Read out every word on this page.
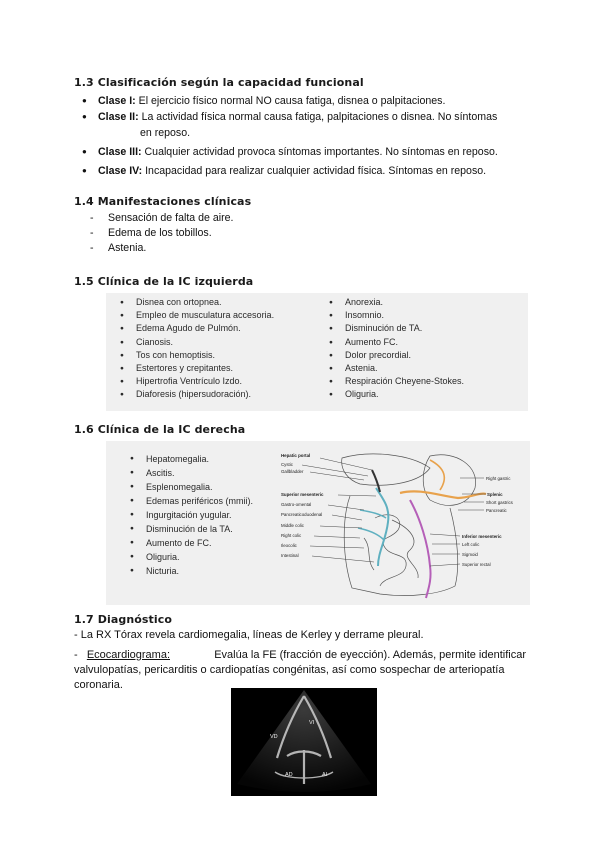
1.3 Clasificación según la capacidad funcional
● Clase I: El ejercicio físico normal NO causa fatiga, disnea o palpitaciones.
● Clase II: La actividad física normal causa fatiga, palpitaciones o disnea. No síntomas
en reposo.
● Clase III: Cualquier actividad provoca síntomas importantes. No síntomas en reposo.
● Clase IV: Incapacidad para realizar cualquier actividad física. Síntomas en reposo.
1.4 Manifestaciones clínicas
- Sensación de falta de aire.
- Edema de los tobillos.
- Astenia.
1.5 Clínica de la IC izquierda
● Disnea con ortopnea.
● Empleo de musculatura accesoria.
● Edema Agudo de Pulmón.
● Cianosis.
● Tos con hemoptisis.
● Estertores y crepitantes.
● Hipertrofia Ventrículo Izdo.
● Diaforesis (hipersudoración).
● Anorexia.
● Insomnio.
● Disminución de TA.
● Aumento FC.
● Dolor precordial.
● Astenia.
● Respiración Cheyene-Stokes.
● Oliguria.
1.6 Clínica de la IC derecha
● Hepatomegalia.
● Ascitis.
● Esplenomegalia.
● Edemas periféricos (mmii).
● Ingurgitación yugular.
● Disminución de la TA.
● Aumento de FC.
● Oliguria.
● Nicturia.
Hepatic portal
Cystic
Gallbladder
Superior mesenteric
Gastro-omental
Pancreaticoduodenal
Middle colic
Right colic
Ileocolic
Intestinal
Right gastric
Splenic
Short gastrics
Pancreatic
Inferior mesenteric
Left colic
Sigmoid
Superior rectal
1.7 Diagnóstico

- La RX Tórax revela cardiomegalia, líneas de Kerley y derrame pleural.

- Ecocardiograma:	Evalúa la FE (fracción de eyección). Además, permite identificar
valvulopatías, pericarditis o cardiopatías congénitas, así como sospechar de arteriopatía
coronaria.
VD
VI
AD	AI
